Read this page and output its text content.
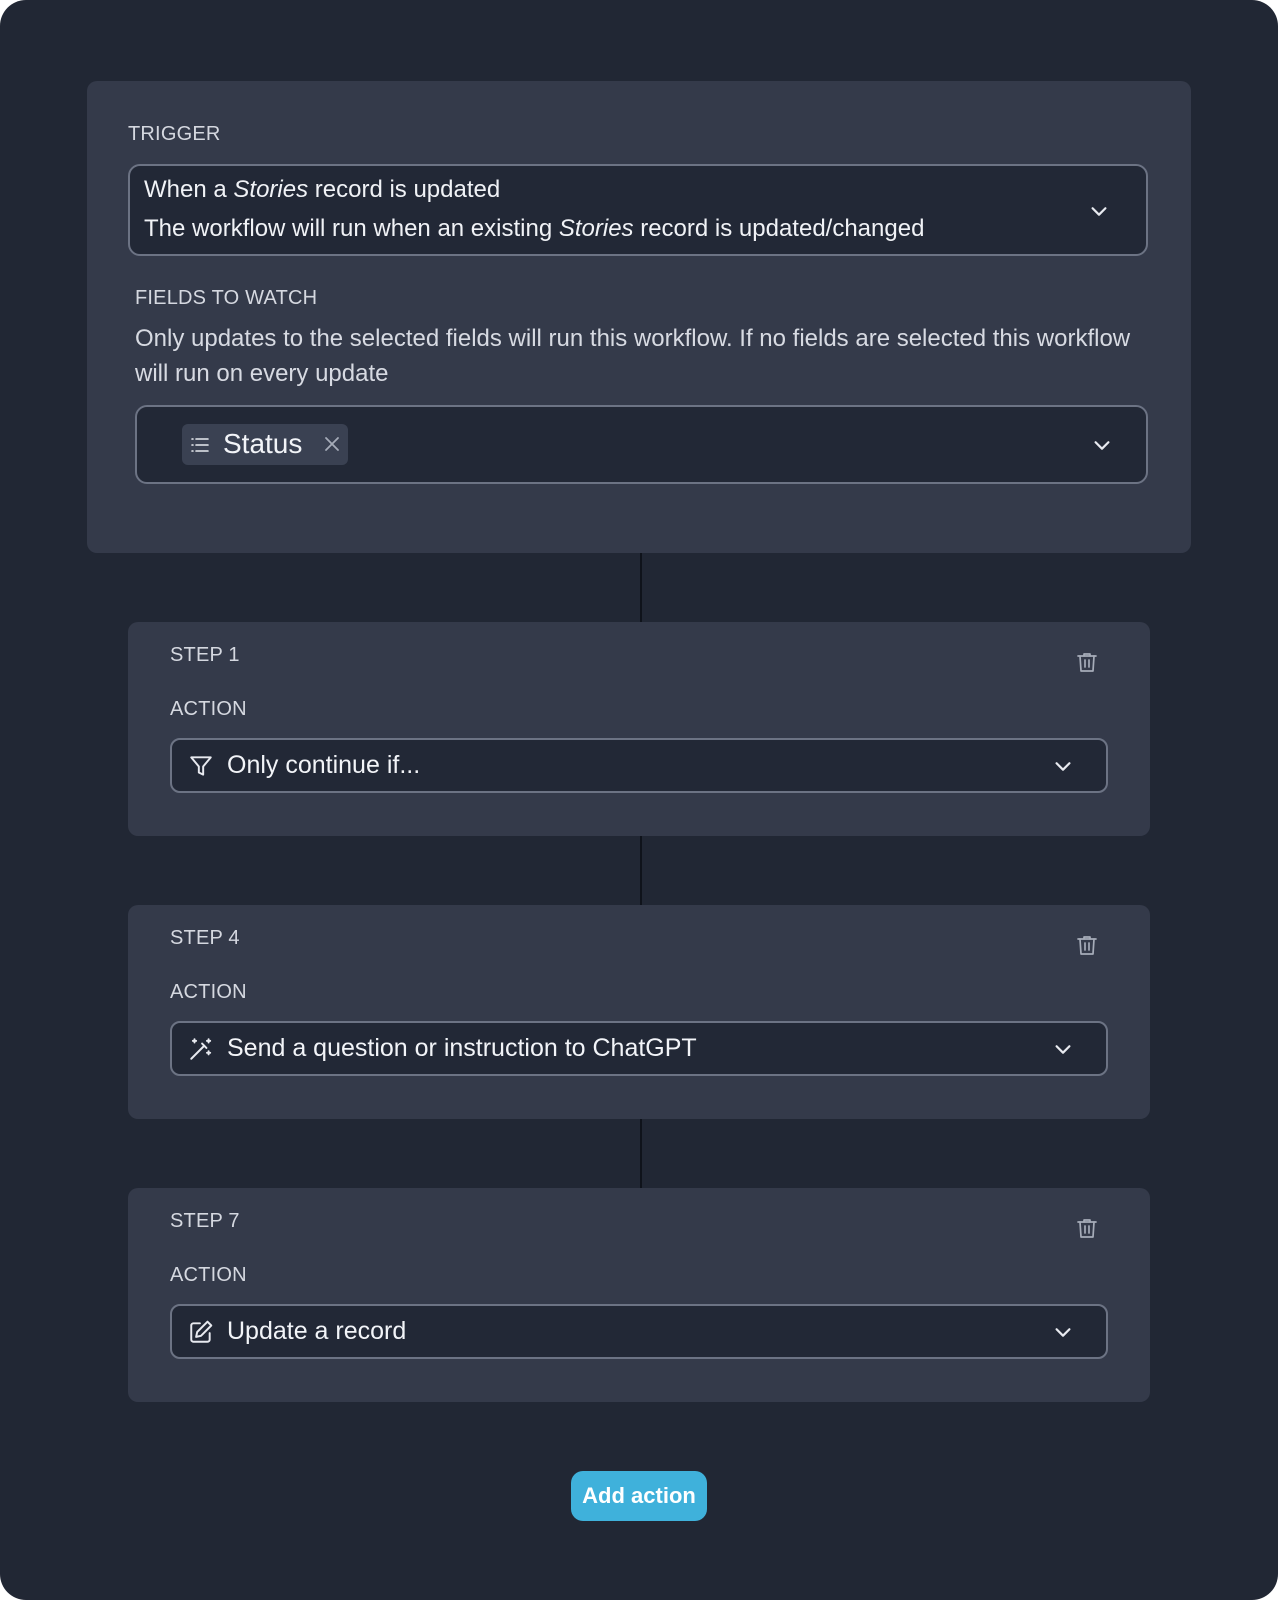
TRIGGER
When a Stories record is updated
The workflow will run when an existing Stories record is updated/changed
FIELDS TO WATCH
Only updates to the selected fields will run this workflow. If no fields are selected this workflow will run on every update
Status
STEP 1
ACTION
Only continue if...
STEP 4
ACTION
Send a question or instruction to ChatGPT
STEP 7
ACTION
Update a record
Add action
